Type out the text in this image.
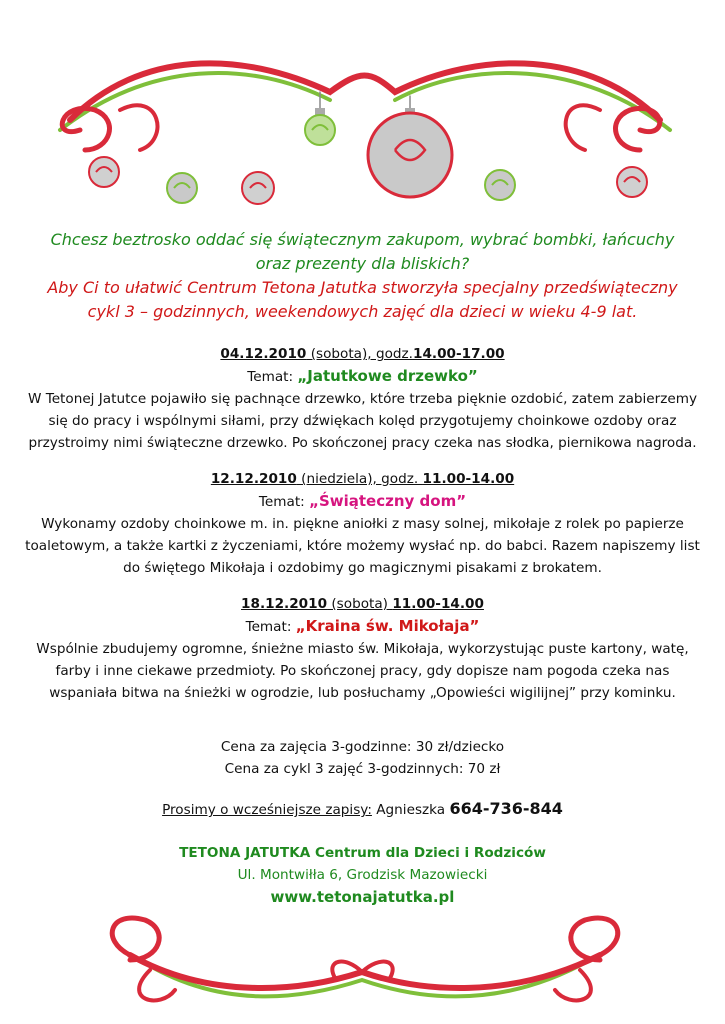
Chcesz beztrosko oddać się świątecznym zakupom, wybrać bombki, łańcuchy
oraz prezenty dla bliskich?
Aby Ci to ułatwić Centrum Tetona Jatutka stworzyła specjalny przedświąteczny
cykl 3 – godzinnych, weekendowych zajęć dla dzieci w wieku 4-9 lat.
04.12.2010 (sobota), godz.14.00-17.00
Temat: „Jatutkowe drzewko”
W Tetonej Jatutce pojawiło się pachnące drzewko, które trzeba pięknie ozdobić, zatem zabierzemy się do pracy i wspólnymi siłami, przy dźwiękach kolęd przygotujemy choinkowe ozdoby oraz przystroimy nimi świąteczne drzewko. Po skończonej pracy czeka nas słodka, piernikowa nagroda.
12.12.2010 (niedziela), godz. 11.00-14.00
Temat: „Świąteczny dom”
Wykonamy ozdoby choinkowe m. in. piękne aniołki z masy solnej, mikołaje z rolek po papierze toaletowym, a także kartki z życzeniami, które możemy wysłać np. do babci. Razem napiszemy list do świętego Mikołaja i ozdobimy go magicznymi pisakami z brokatem.
18.12.2010 (sobota) 11.00-14.00
Temat: „Kraina św. Mikołaja”
Wspólnie zbudujemy ogromne, śnieżne miasto św. Mikołaja, wykorzystując puste kartony, watę, farby i inne ciekawe przedmioty. Po skończonej pracy, gdy dopisze nam pogoda czeka nas wspaniała bitwa na śnieżki w ogrodzie, lub posłuchamy „Opowieści wigilijnej” przy kominku.
Cena za zajęcia 3-godzinne: 30 zł/dziecko
Cena za cykl 3 zajęć 3-godzinnych: 70 zł
Prosimy o wcześniejsze zapisy: Agnieszka 664-736-844
TETONA JATUTKA Centrum dla Dzieci i Rodziców
Ul. Montwiłła 6, Grodzisk Mazowiecki
www.tetonajatutka.pl
